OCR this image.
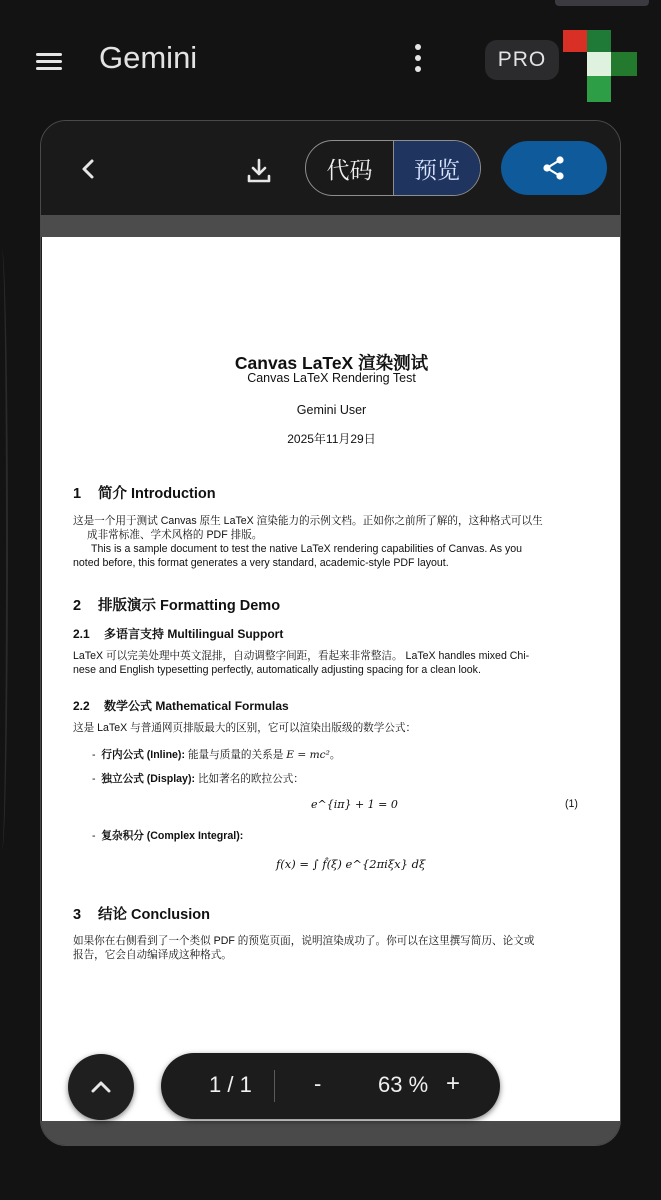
Gemini	PRO
代码	预览
Canvas LaTeX 渲染测试
Canvas LaTeX Rendering Test
Gemini User
2025年11月29日
1 简介 Introduction
这是一个用于测试 Canvas 原生 LaTeX 渲染能力的示例文档。正如你之前所了解的，这种格式可以生
成非常标准、学术风格的 PDF 排版。
This is a sample document to test the native LaTeX rendering capabilities of Canvas. As you
noted before, this format generates a very standard, academic-style PDF layout.
2 排版演示 Formatting Demo
2.1 多语言支持 Multilingual Support
LaTeX 可以完美处理中英文混排，自动调整字间距，看起来非常整洁。 LaTeX handles mixed Chi-
nese and English typesetting perfectly, automatically adjusting spacing for a clean look.
2.2 数学公式 Mathematical Formulas
这是 LaTeX 与普通网页排版最大的区别，它可以渲染出版级的数学公式：
-  行内公式 (Inline): 能量与质量的关系是 E = mc²。
-  独立公式 (Display): 比如著名的欧拉公式：
e^{iπ} + 1 = 0	(1)
-  复杂积分 (Complex Integral):
f(x) = ∫ f̂(ξ) e^{2πiξx} dξ
3 结论 Conclusion
如果你在右侧看到了一个类似 PDF 的预览页面，说明渲染成功了。你可以在这里撰写简历、论文或
报告，它会自动编译成这种格式。
1 / 1	-	63 % +
